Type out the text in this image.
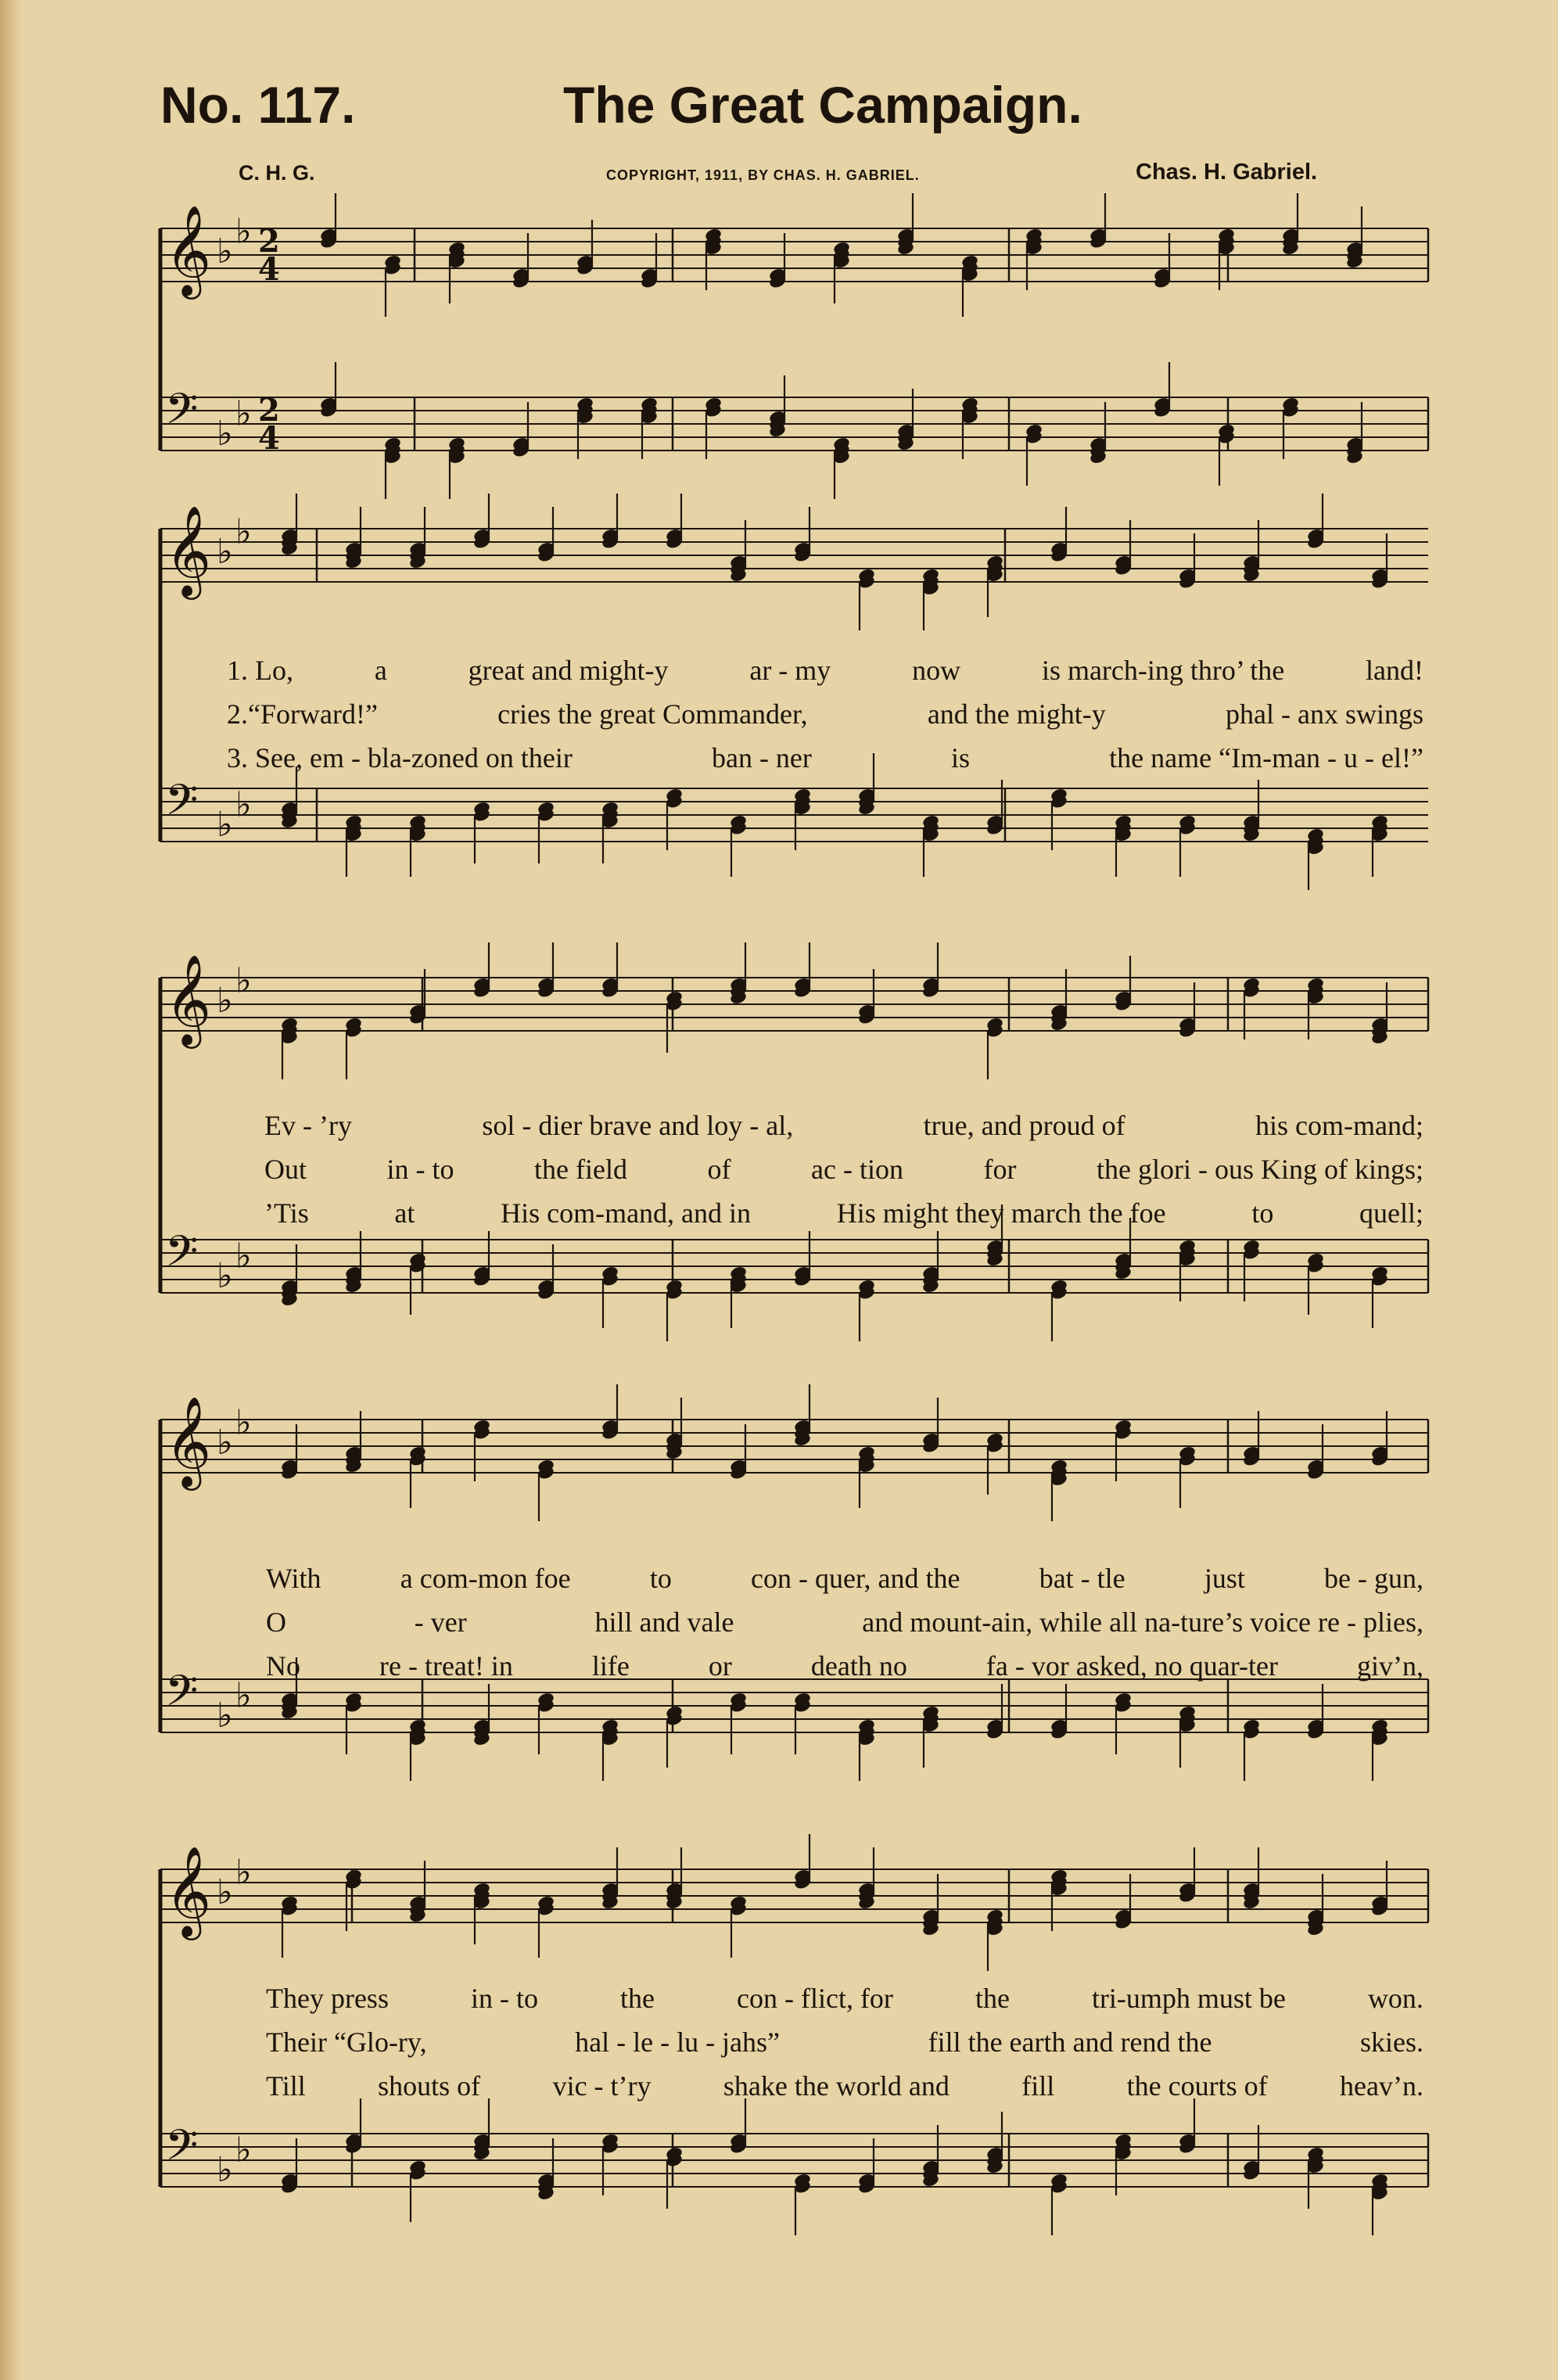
No. 117.	The Great Campaign.
C. H. G.	COPYRIGHT, 1911, BY CHAS. H. GABRIEL.	Chas. H. Gabriel.
𝄞 ♭ ♭ 2
4
𝄢 ♭ ♭ 2
4
𝄞 ♭ ♭
𝄢 ♭ ♭
𝄞 ♭ ♭
𝄢 ♭ ♭
𝄞 ♭ ♭
𝄢 ♭ ♭
𝄞 ♭ ♭
𝄢 ♭ ♭
1. Lo,	a	great and might-y	ar - my	now	is march-ing thro’ the	land!
2.“Forward!”	cries the great Commander,	and the might-y	phal - anx swings
3. See, em - bla-zoned on their	ban - ner	is	the name “Im-man - u - el!”
Ev - ’ry	sol - dier brave and loy - al,	true, and proud of	his com-mand;
Out	in - to	the field	of	ac - tion	for	the glori - ous King of kings;
’Tis	at	His com-mand, and in	His might they march the foe	to	quell;
With	a com-mon foe	to	con - quer, and the	bat - tle	just	be - gun,
O	- ver	hill and vale	and mount-ain, while all na-ture’s voice re - plies,
No	re - treat! in	life	or	death no	fa - vor asked, no quar-ter	giv’n,
They press	in - to	the	con - flict, for	the	tri-umph must be	won.
Their “Glo-ry,	hal - le - lu - jahs”	fill the earth and rend the	skies.
Till	shouts of	vic - t’ry	shake the world and	fill	the courts of	heav’n.
